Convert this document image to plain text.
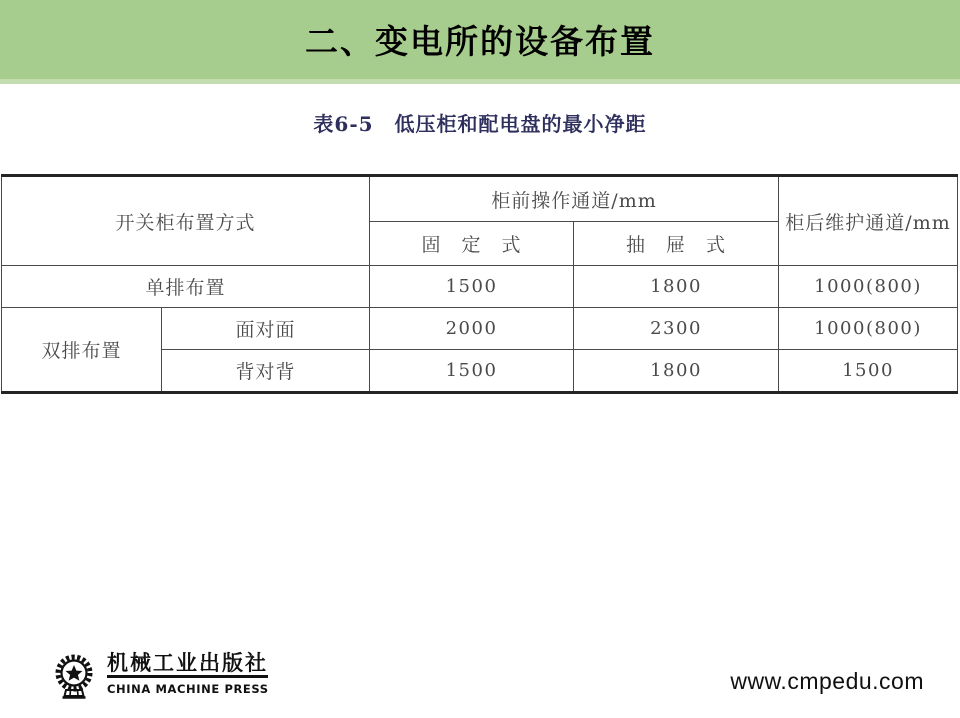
二、变电所的设备布置
表6-5　低压柜和配电盘的最小净距
开关柜布置方式		柜前操作通道/mm		柜后维护通道/mm
		固　定　式	抽　屉　式	
单排布置		1500	1800	1000(800)
双排布置	面对面	2000	2300	1000(800)
	背对背	1500	1800	1500
机械工业出版社
CHINA MACHINE PRESS	www.cmpedu.com
